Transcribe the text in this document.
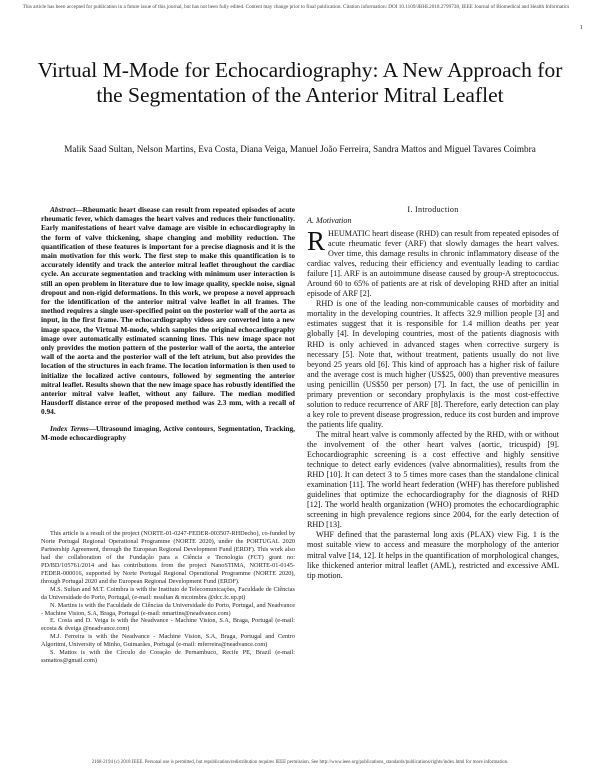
This article has been accepted for publication in a future issue of this journal, but has not been fully edited. Content may change prior to final publication. Citation information: DOI 10.1109/JBHI.2018.2799738, IEEE Journal of Biomedical and Health Informatics
1
Virtual M-Mode for Echocardiography: A New Approach for the Segmentation of the Anterior Mitral Leaflet
Malik Saad Sultan, Nelson Martins, Eva Costa, Diana Veiga, Manuel João Ferreira, Sandra Mattos and Miguel Tavares Coimbra

Abstract—Rheumatic heart disease can result from repeated episodes of acute rheumatic fever, which damages the heart valves and reduces their functionality. Early manifestations of heart valve damage are visible in echocardiography in the form of valve thickening, shape changing and mobility reduction. The quantification of these features is important for a precise diagnosis and it is the main motivation for this work. The first step to make this quantification is to accurately identify and track the anterior mitral leaflet throughout the cardiac cycle. An accurate segmentation and tracking with minimum user interaction is still an open problem in literature due to low image quality, speckle noise, signal dropout and non-rigid deformations. In this work, we propose a novel approach for the identification of the anterior mitral valve leaflet in all frames. The method requires a single user-specified point on the posterior wall of the aorta as input, in the first frame. The echocardiography videos are converted into a new image space, the Virtual M-mode, which samples the original echocardiography image over automatically estimated scanning lines. This new image space not only provides the motion pattern of the posterior wall of the aorta, the anterior wall of the aorta and the posterior wall of the left atrium, but also provides the location of the structures in each frame. The location information is then used to initialize the localized active contours, followed by segmenting the anterior mitral leaflet. Results shown that the new image space has robustly identified the anterior mitral valve leaflet, without any failure. The median modified Hausdorff distance error of the proposed method was 2.3 mm, with a recall of 0.94.

Index Terms—Ultrasound imaging, Active contours, Segmentation, Tracking, M-mode echocardiography

This article is a result of the project (NORTE-01-0247-FEDER-003507-RHDecho), co-funded by Norte Portugal Regional Operational Programme (NORTE 2020), under the PORTUGAL 2020 Partnership Agreement, through the European Regional Development Fund (ERDF). This work also had the collaboration of the Fundação para a Ciência e Tecnologia (FCT) grant no: PD/BD/105761/2014 and has contributions from the project NanoSTIMA, NORTE-01-0145-FEDER-000016, supported by Norte Portugal Regional Operational Programme (NORTE 2020), through Portugal 2020 and the European Regional Development Fund (ERDF).

M.S. Sultan and M.T. Coimbra is with the Instituto de Telecomunicações, Faculdade de Ciências da Universidade do Porto, Portugal, (e-mail: msultan & mcoimbra @dcc.fc.up.pt)

N. Martins is with the Faculdade de Ciências da Universidade do Porto, Portugal, and Neadvance - Machine Vision, S.A, Braga, Portugal (e-mail: nmartins@neadvance.com)

E. Costa and D. Veiga is with the Neadvance - Machine Vision, S.A, Braga, Portugal (e-mail: ecosta & dveiga @neadvance.com)

M.J. Ferreira is with the Neadvance - Machine Vision, S.A, Braga, Portugal and Centro Algoritmi, University of Minho, Guimarães, Portugal (e-mail: mferreira@neadvance.com)

S. Mattos is with the Círculo do Coração de Pernambuco, Recife PE, Brazil (e-mail: ssmattos@gmail.com)

I. Introduction
A. Motivation

RHEUMATIC heart disease (RHD) can result from repeated episodes of acute rheumatic fever (ARF) that slowly damages the heart valves. Over time, this damage results in chronic inflammatory disease of the cardiac valves, reducing their efficiency and eventually leading to cardiac failure [1]. ARF is an autoimmune disease caused by group-A streptococcus. Around 60 to 65% of patients are at risk of developing RHD after an initial episode of ARF [2].

RHD is one of the leading non-communicable causes of morbidity and mortality in the developing countries. It affects 32.9 million people [3] and estimates suggest that it is responsible for 1.4 million deaths per year globally [4]. In developing countries, most of the patients diagnosis with RHD is only achieved in advanced stages when corrective surgery is necessary [5]. Note that, without treatment, patients usually do not live beyond 25 years old [6]. This kind of approach has a higher risk of failure and the average cost is much higher (US$25, 000) than preventive measures using penicillin (US$50 per person) [7]. In fact, the use of penicillin in primary prevention or secondary prophylaxis is the most cost-effective solution to reduce recurrence of ARF [8]. Therefore, early detection can play a key role to prevent disease progression, reduce its cost burden and improve the patients life quality.

The mitral heart valve is commonly affected by the RHD, with or without the involvement of the other heart valves (aortic, tricuspid) [9]. Echocardiographic screening is a cost effective and highly sensitive technique to detect early evidences (valve abnormalities), results from the RHD [10]. It can detect 3 to 5 times more cases than the standalone clinical examination [11]. The world heart federation (WHF) has therefore published guidelines that optimize the echocardiography for the diagnosis of RHD [12]. The world health organization (WHO) promotes the echocardiographic screening in high prevalence regions since 2004, for the early detection of RHD [13].

WHF defined that the parasternal long axis (PLAX) view Fig. 1 is the most suitable view to access and measure the morphology of the anterior mitral valve [14, 12]. It helps in the quantification of morphological changes, like thickened anterior mitral leaflet (AML), restricted and excessive AML tip motion.

2168-2194 (c) 2018 IEEE. Personal use is permitted, but republication/redistribution requires IEEE permission. See http://www.ieee.org/publications_standards/publications/rights/index.html for more information.
